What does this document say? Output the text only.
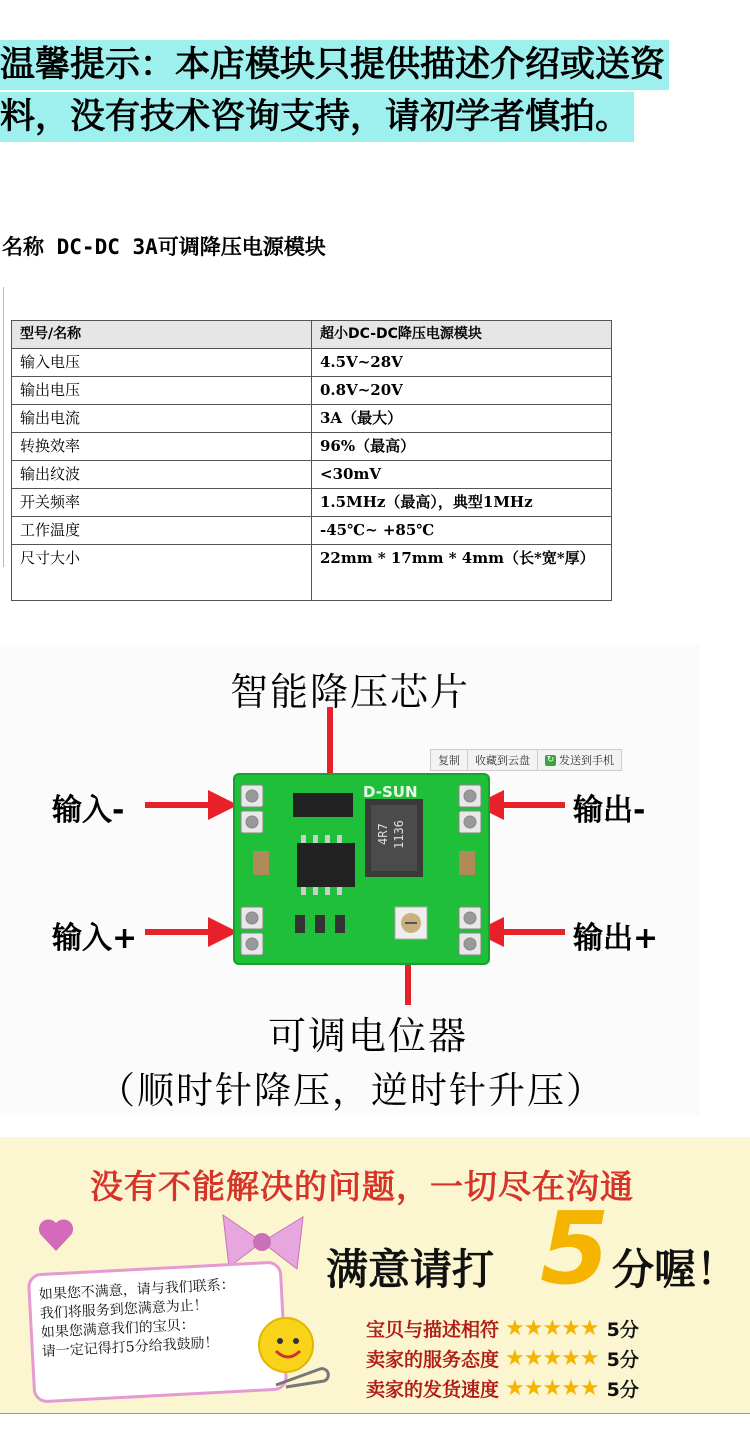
温馨提示：本店模块只提供描述介绍或送资 料，没有技术咨询支持，请初学者慎拍。
名称 DC-DC 3A可调降压电源模块
型号/名称	超小DC-DC降压电源模块
输入电压	4.5V~28V
输出电压	0.8V~20V
输出电流	3A（最大）
转换效率	96%（最高）
输出纹波	<30mV
开关频率	1.5MHz（最高），典型1MHz
工作温度	-45℃~ +85℃
尺寸大小	22mm * 17mm * 4mm（长*宽*厚）
智能降压芯片
复制	收藏到云盘	↻ 发送到手机
4R7 1136
D-SUN
输入-
输入+
输出-
输出+
可调电位器
（顺时针降压，逆时针升压）
没有不能解决的问题，一切尽在沟通
如果您不满意，请与我们联系：
我们将服务到您满意为止！
如果您满意我们的宝贝：
请一定记得打5分给我鼓励！
满意请打 5 分喔！
宝贝与描述相符 ★★★★★ 5分
卖家的服务态度 ★★★★★ 5分
卖家的发货速度 ★★★★★ 5分
